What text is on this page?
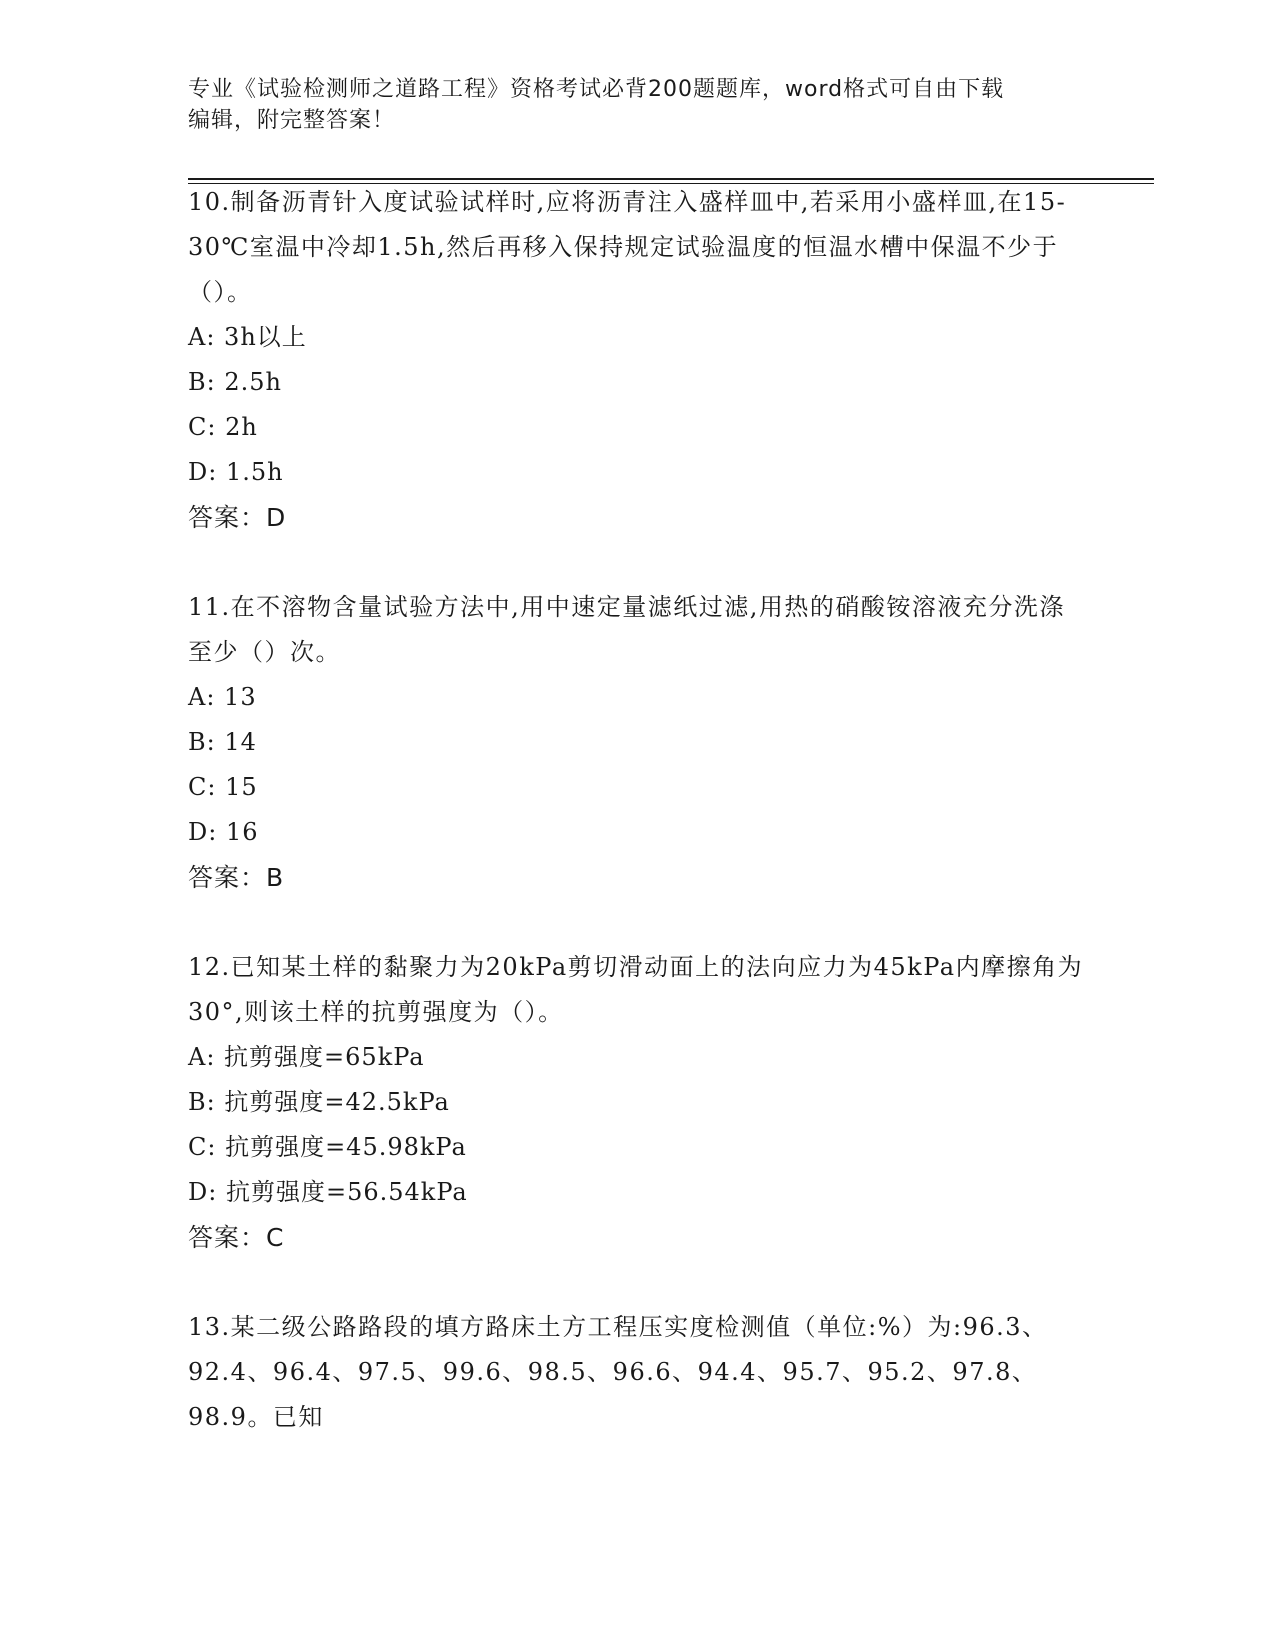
专业《试验检测师之道路工程》资格考试必背200题题库，word格式可自由下载
编辑，附完整答案！

10.制备沥青针入度试验试样时,应将沥青注入盛样皿中,若采用小盛样皿,在15-30℃室温中冷却1.5h,然后再移入保持规定试验温度的恒温水槽中保温不少于（）。

A: 3h以上

B: 2.5h

C: 2h

D: 1.5h

答案：D

11.在不溶物含量试验方法中,用中速定量滤纸过滤,用热的硝酸铵溶液充分洗涤至少（）次。

A: 13

B: 14

C: 15

D: 16

答案：B

12.已知某土样的黏聚力为20kPa剪切滑动面上的法向应力为45kPa内摩擦角为30°,则该土样的抗剪强度为（）。

A: 抗剪强度=65kPa

B: 抗剪强度=42.5kPa

C: 抗剪强度=45.98kPa

D: 抗剪强度=56.54kPa

答案：C

13.某二级公路路段的填方路床土方工程压实度检测值（单位:%）为:96.3、92.4、96.4、97.5、99.6、98.5、96.6、94.4、95.7、95.2、97.8、98.9。已知
